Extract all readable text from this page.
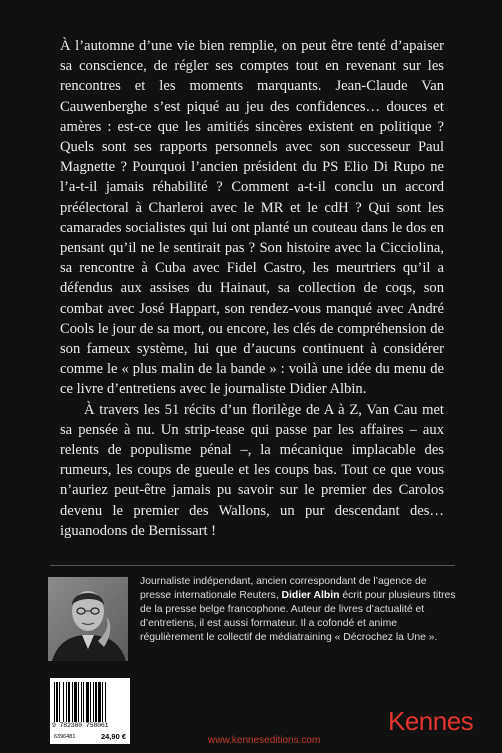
À l’automne d’une vie bien remplie, on peut être tenté d’apaiser sa conscience, de régler ses comptes tout en revenant sur les rencontres et les moments marquants. Jean-Claude Van Cauwenberghe s’est piqué au jeu des confidences… douces et amères : est-ce que les amitiés sincères existent en politique ? Quels sont ses rapports personnels avec son successeur Paul Magnette ? Pourquoi l’ancien président du PS Elio Di Rupo ne l’a-t-il jamais réhabilité ? Comment a-t-il conclu un accord préélectoral à Charleroi avec le MR et le cdH ? Qui sont les camarades socialistes qui lui ont planté un couteau dans le dos en pensant qu’il ne le sentirait pas ? Son histoire avec la Cicciolina, sa rencontre à Cuba avec Fidel Castro, les meurtriers qu’il a défendus aux assises du Hainaut, sa collection de coqs, son combat avec José Happart, son rendez-vous manqué avec André Cools le jour de sa mort, ou encore, les clés de compréhension de son fameux système, lui que d’aucuns continuent à considérer comme le « plus malin de la bande » : voilà une idée du menu de ce livre d’entretiens avec le journaliste Didier Albin.

À travers les 51 récits d’un florilège de A à Z, Van Cau met sa pensée à nu. Un strip-tease qui passe par les affaires – aux relents de populisme pénal –, la mécanique implacable des rumeurs, les coups de gueule et les coups bas. Tout ce que vous n’auriez peut-être jamais pu savoir sur le premier des Carolos devenu le premier des Wallons, un pur descendant des… iguanodons de Bernissart !

Journaliste indépendant, ancien correspondant de l’agence de presse internationale Reuters, Didier Albin écrit pour plusieurs titres de la presse belge francophone. Auteur de livres d’actualité et d’entretiens, il est aussi formateur. Il a cofondé et anime régulièrement le collectif de médiatraining « Décrochez la Une ».
9 782380 758061
6396481	24,90 €	www.kenneseditions.com
Kennes
